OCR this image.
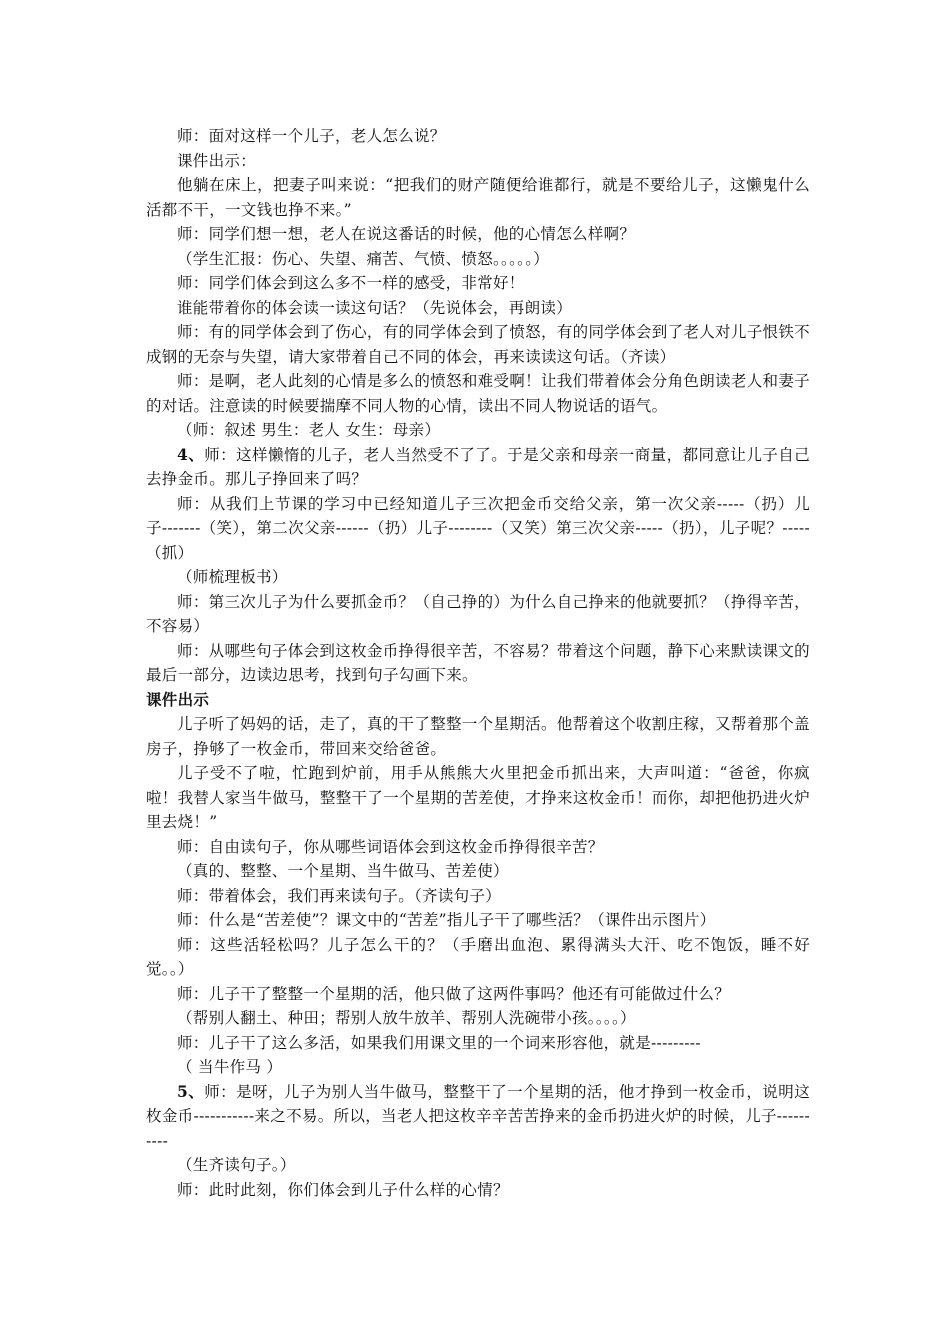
师：面对这样一个儿子，老人怎么说？

课件出示：

他躺在床上，把妻子叫来说：“把我们的财产随便给谁都行，就是不要给儿子，这懒鬼什么活都不干，一文钱也挣不来。”

师：同学们想一想，老人在说这番话的时候，他的心情怎么样啊？

（学生汇报：伤心、失望、痛苦、气愤、愤怒。。。。。）

师：同学们体会到这么多不一样的感受，非常好！

谁能带着你的体会读一读这句话？（先说体会，再朗读）

师：有的同学体会到了伤心，有的同学体会到了愤怒，有的同学体会到了老人对儿子恨铁不成钢的无奈与失望，请大家带着自己不同的体会，再来读读这句话。（齐读）

师：是啊，老人此刻的心情是多么的愤怒和难受啊！让我们带着体会分角色朗读老人和妻子的对话。注意读的时候要揣摩不同人物的心情，读出不同人物说话的语气。

（师：叙述 男生：老人 女生：母亲）

4、师：这样懒惰的儿子，老人当然受不了了。于是父亲和母亲一商量，都同意让儿子自己去挣金币。那儿子挣回来了吗？

师：从我们上节课的学习中已经知道儿子三次把金币交给父亲，第一次父亲-----（扔）儿子-------（笑），第二次父亲------（扔）儿子--------（又笑）第三次父亲-----（扔），儿子呢？-----（抓）

（师梳理板书）

师：第三次儿子为什么要抓金币？（自己挣的）为什么自己挣来的他就要抓？（挣得辛苦，不容易）

师：从哪些句子体会到这枚金币挣得很辛苦，不容易？带着这个问题，静下心来默读课文的最后一部分，边读边思考，找到句子勾画下来。

课件出示

儿子听了妈妈的话，走了，真的干了整整一个星期活。他帮着这个收割庄稼，又帮着那个盖房子，挣够了一枚金币，带回来交给爸爸。

儿子受不了啦，忙跑到炉前，用手从熊熊大火里把金币抓出来，大声叫道：“爸爸，你疯啦！我替人家当牛做马，整整干了一个星期的苦差使，才挣来这枚金币！而你，却把他扔进火炉里去烧！”

师：自由读句子，你从哪些词语体会到这枚金币挣得很辛苦？

（真的、整整、一个星期、当牛做马、苦差使）

师：带着体会，我们再来读句子。（齐读句子）

师：什么是“苦差使”？课文中的“苦差”指儿子干了哪些活？（课件出示图片）

师：这些活轻松吗？儿子怎么干的？（手磨出血泡、累得满头大汗、吃不饱饭，睡不好觉。。）

师：儿子干了整整一个星期的活，他只做了这两件事吗？他还有可能做过什么？

（帮别人翻土、种田；帮别人放牛放羊、帮别人洗碗带小孩。。。。）

师：儿子干了这么多活，如果我们用课文里的一个词来形容他，就是---------

（ 当牛作马 ）

5、师：是呀，儿子为别人当牛做马，整整干了一个星期的活，他才挣到一枚金币，说明这枚金币-----------来之不易。所以，当老人把这枚辛辛苦苦挣来的金币扔进火炉的时候，儿子----------

（生齐读句子。）

师：此时此刻，你们体会到儿子什么样的心情？
